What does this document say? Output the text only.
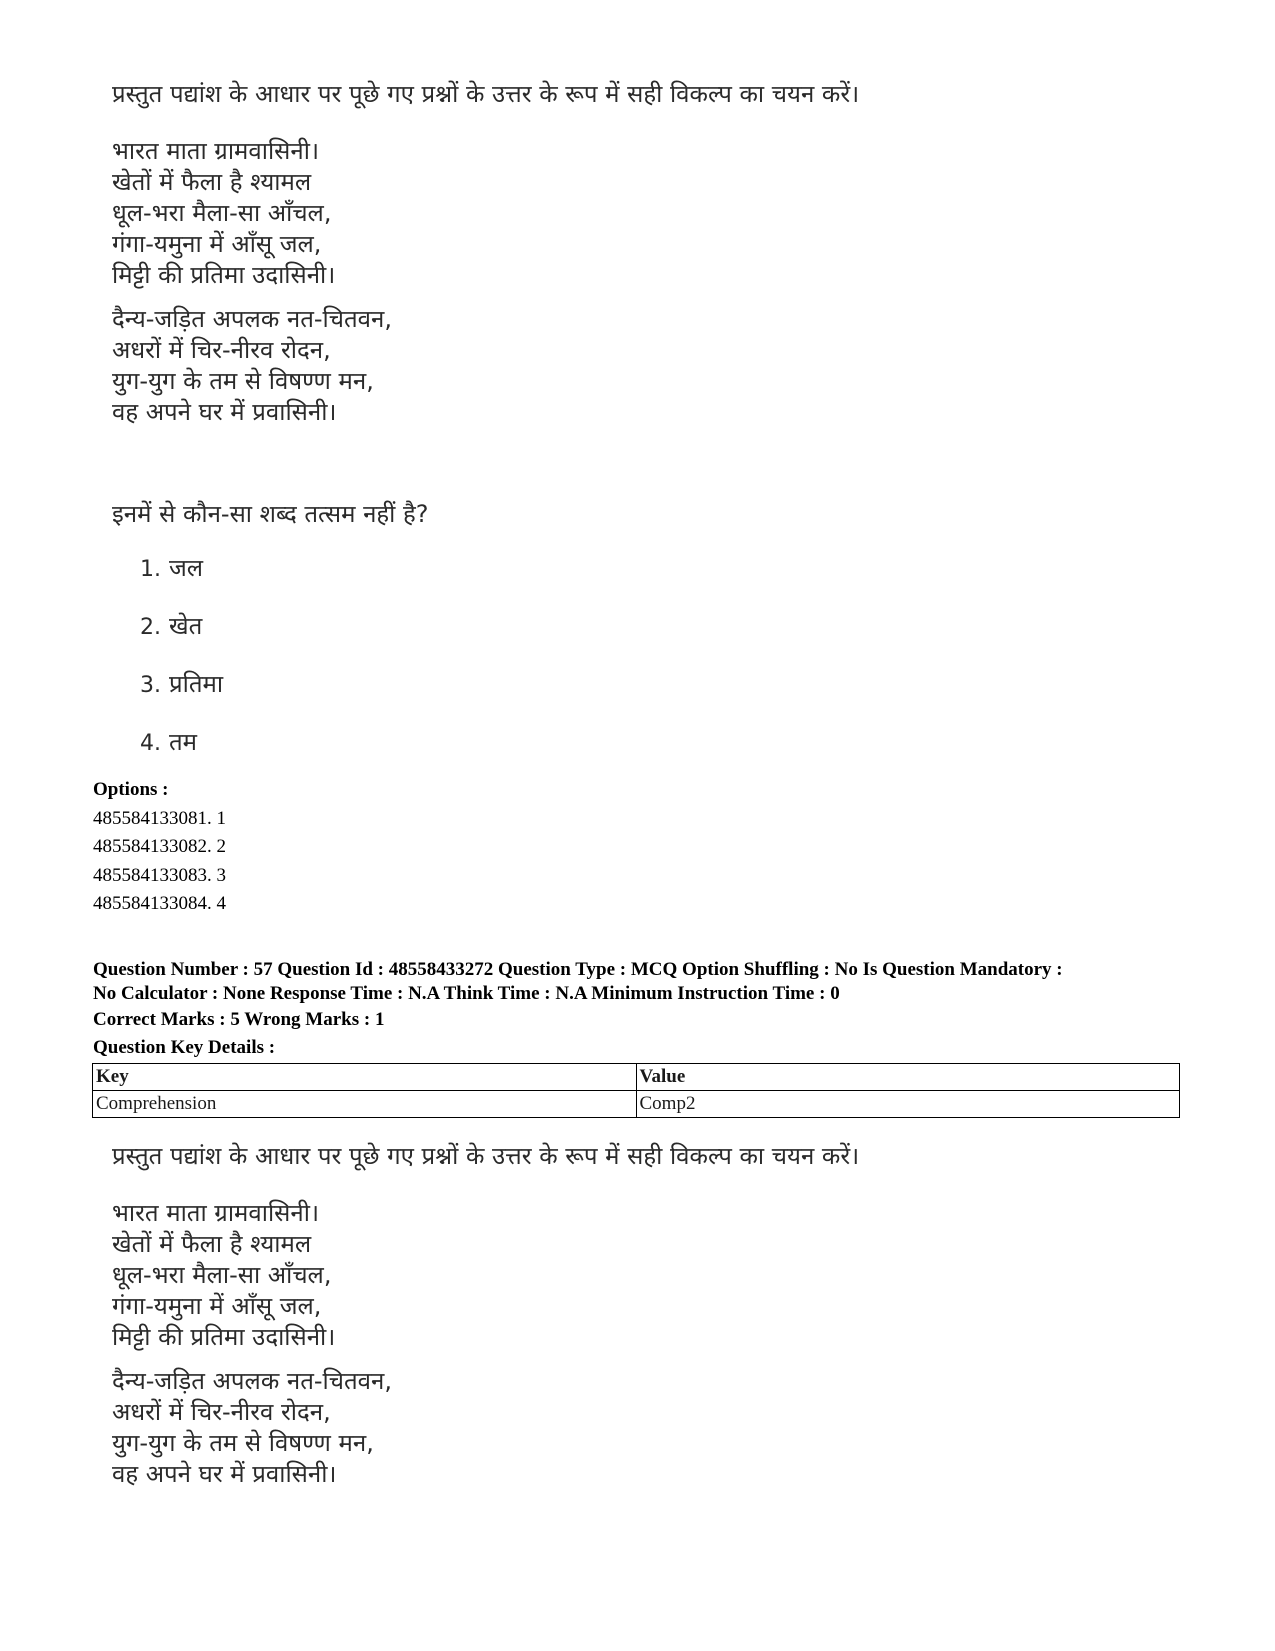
प्रस्तुत पद्यांश के आधार पर पूछे गए प्रश्नों के उत्तर के रूप में सही विकल्प का चयन करें।

भारत माता ग्रामवासिनी।

खेतों में फैला है श्यामल

धूल-भरा मैला-सा आँचल,

गंगा-यमुना में आँसू जल,

मिट्टी की प्रतिमा उदासिनी।

दैन्य-जड़ित अपलक नत-चितवन,

अधरों में चिर-नीरव रोदन,

युग-युग के तम से विषण्ण मन,

वह अपने घर में प्रवासिनी।

इनमें से कौन-सा शब्द तत्सम नहीं है?
1. जल
2. खेत
3. प्रतिमा
4. तम
Options :
485584133081. 1
485584133082. 2
485584133083. 3
485584133084. 4
Question Number : 57 Question Id : 48558433272 Question Type : MCQ Option Shuffling : No Is Question Mandatory :
No Calculator : None Response Time : N.A Think Time : N.A Minimum Instruction Time : 0
Correct Marks : 5 Wrong Marks : 1
Question Key Details :
Key	Value
Comprehension	Comp2
प्रस्तुत पद्यांश के आधार पर पूछे गए प्रश्नों के उत्तर के रूप में सही विकल्प का चयन करें।

भारत माता ग्रामवासिनी।

खेतों में फैला है श्यामल

धूल-भरा मैला-सा आँचल,

गंगा-यमुना में आँसू जल,

मिट्टी की प्रतिमा उदासिनी।

दैन्य-जड़ित अपलक नत-चितवन,

अधरों में चिर-नीरव रोदन,

युग-युग के तम से विषण्ण मन,

वह अपने घर में प्रवासिनी।
